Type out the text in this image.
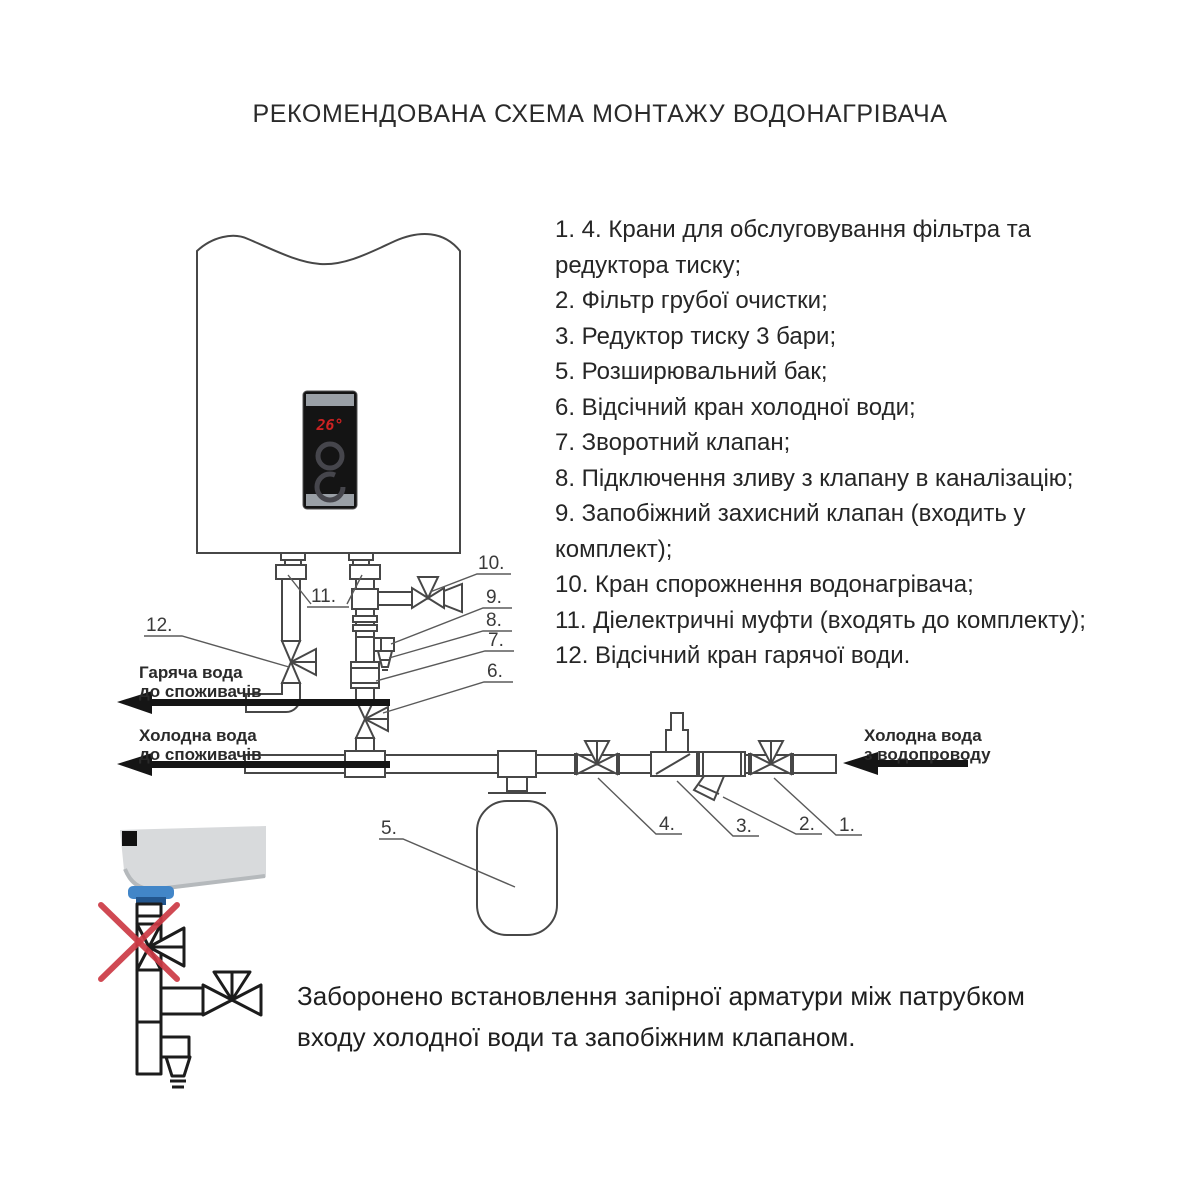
26°
12.
11.
10.
9.
8.
7.
6.
5.	4.	3. 2. 1.
РЕКОМЕНДОВАНА СХЕМА МОНТАЖУ ВОДОНАГРІВАЧА
1. 4. Крани для обслуговування фільтра та
редуктора тиску;
2. Фільтр грубої очистки;
3. Редуктор тиску 3 бари;
5. Розширювальний бак;
6. Відсічний кран холодної води;
7. Зворотний клапан;
8. Підключення зливу з клапану в каналізацію;
9. Запобіжний захисний клапан (входить у
комплект);
10. Кран спорожнення водонагрівача;
11. Діелектричні муфти (входять до комплекту);
12. Відсічний кран гарячої води.
Гаряча вода
до споживачів
Холодна вода
до споживачів
Холодна вода
з водопроводу
Заборонено встановлення запірної арматури між патрубком
входу холодної води та запобіжним клапаном.
